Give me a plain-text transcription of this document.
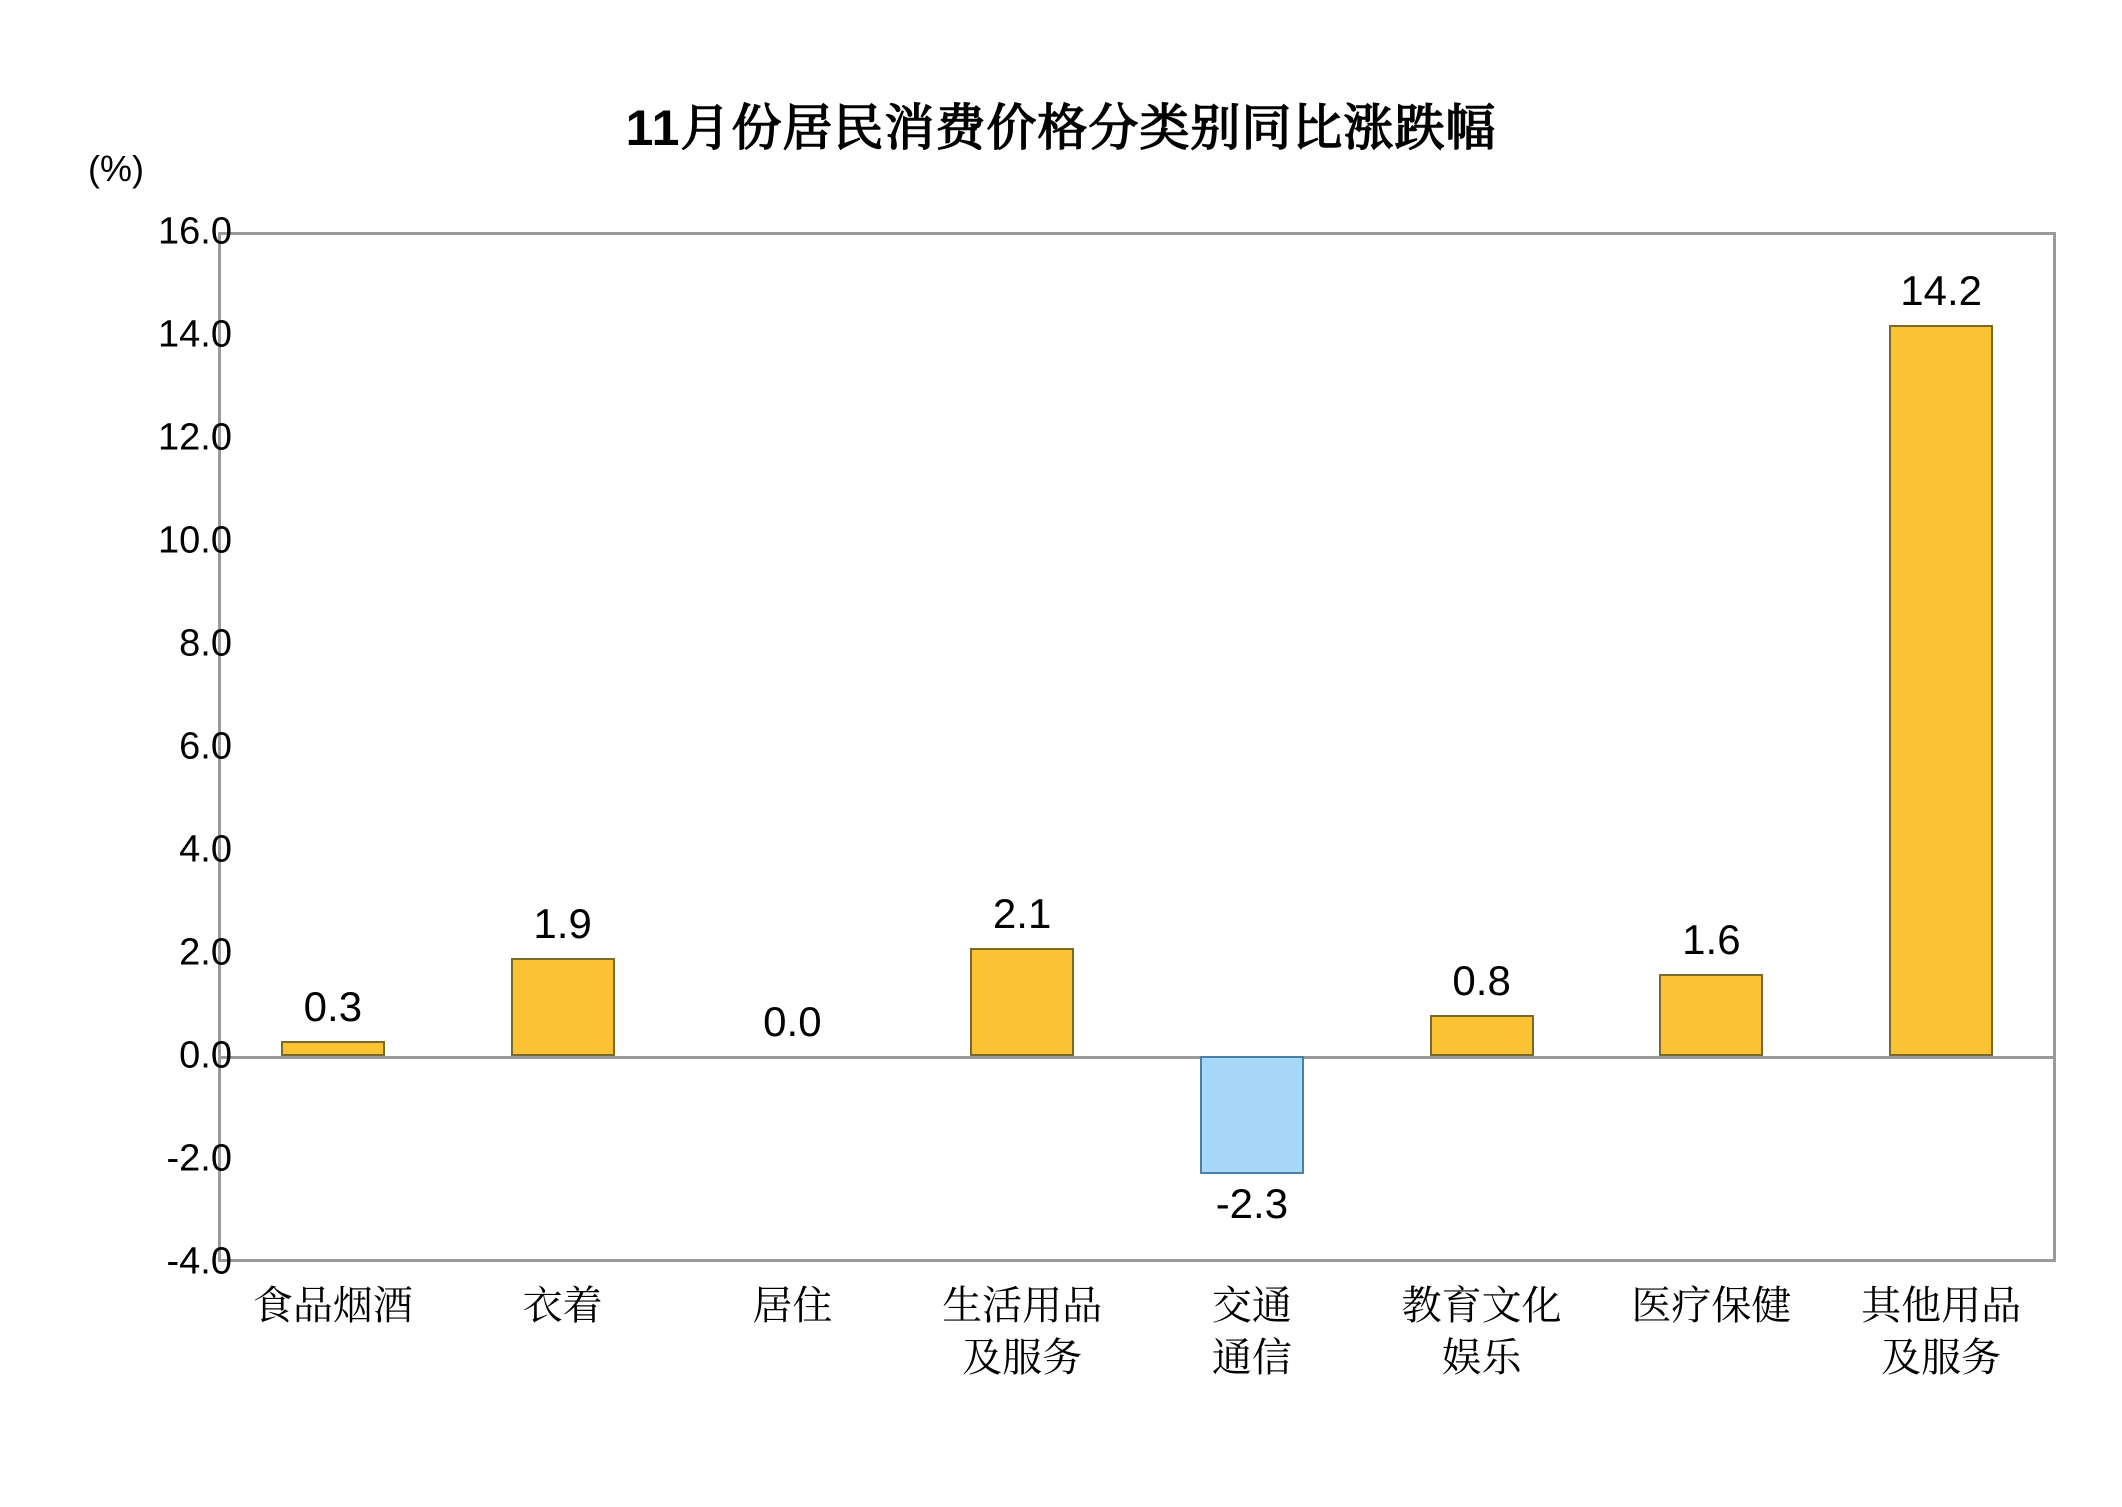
11月份居民消费价格分类别同比涨跌幅
(%)
16.0
14.0
12.0
10.0
8.0
6.0
4.0
2.0
0.0
-2.0
-4.0
0.3
1.9
0.0
2.1
-2.3
0.8
1.6
14.2
食品烟酒	衣着	居住	生活用品
及服务
交通
通信
教育文化
娱乐
医疗保健	其他用品
及服务
